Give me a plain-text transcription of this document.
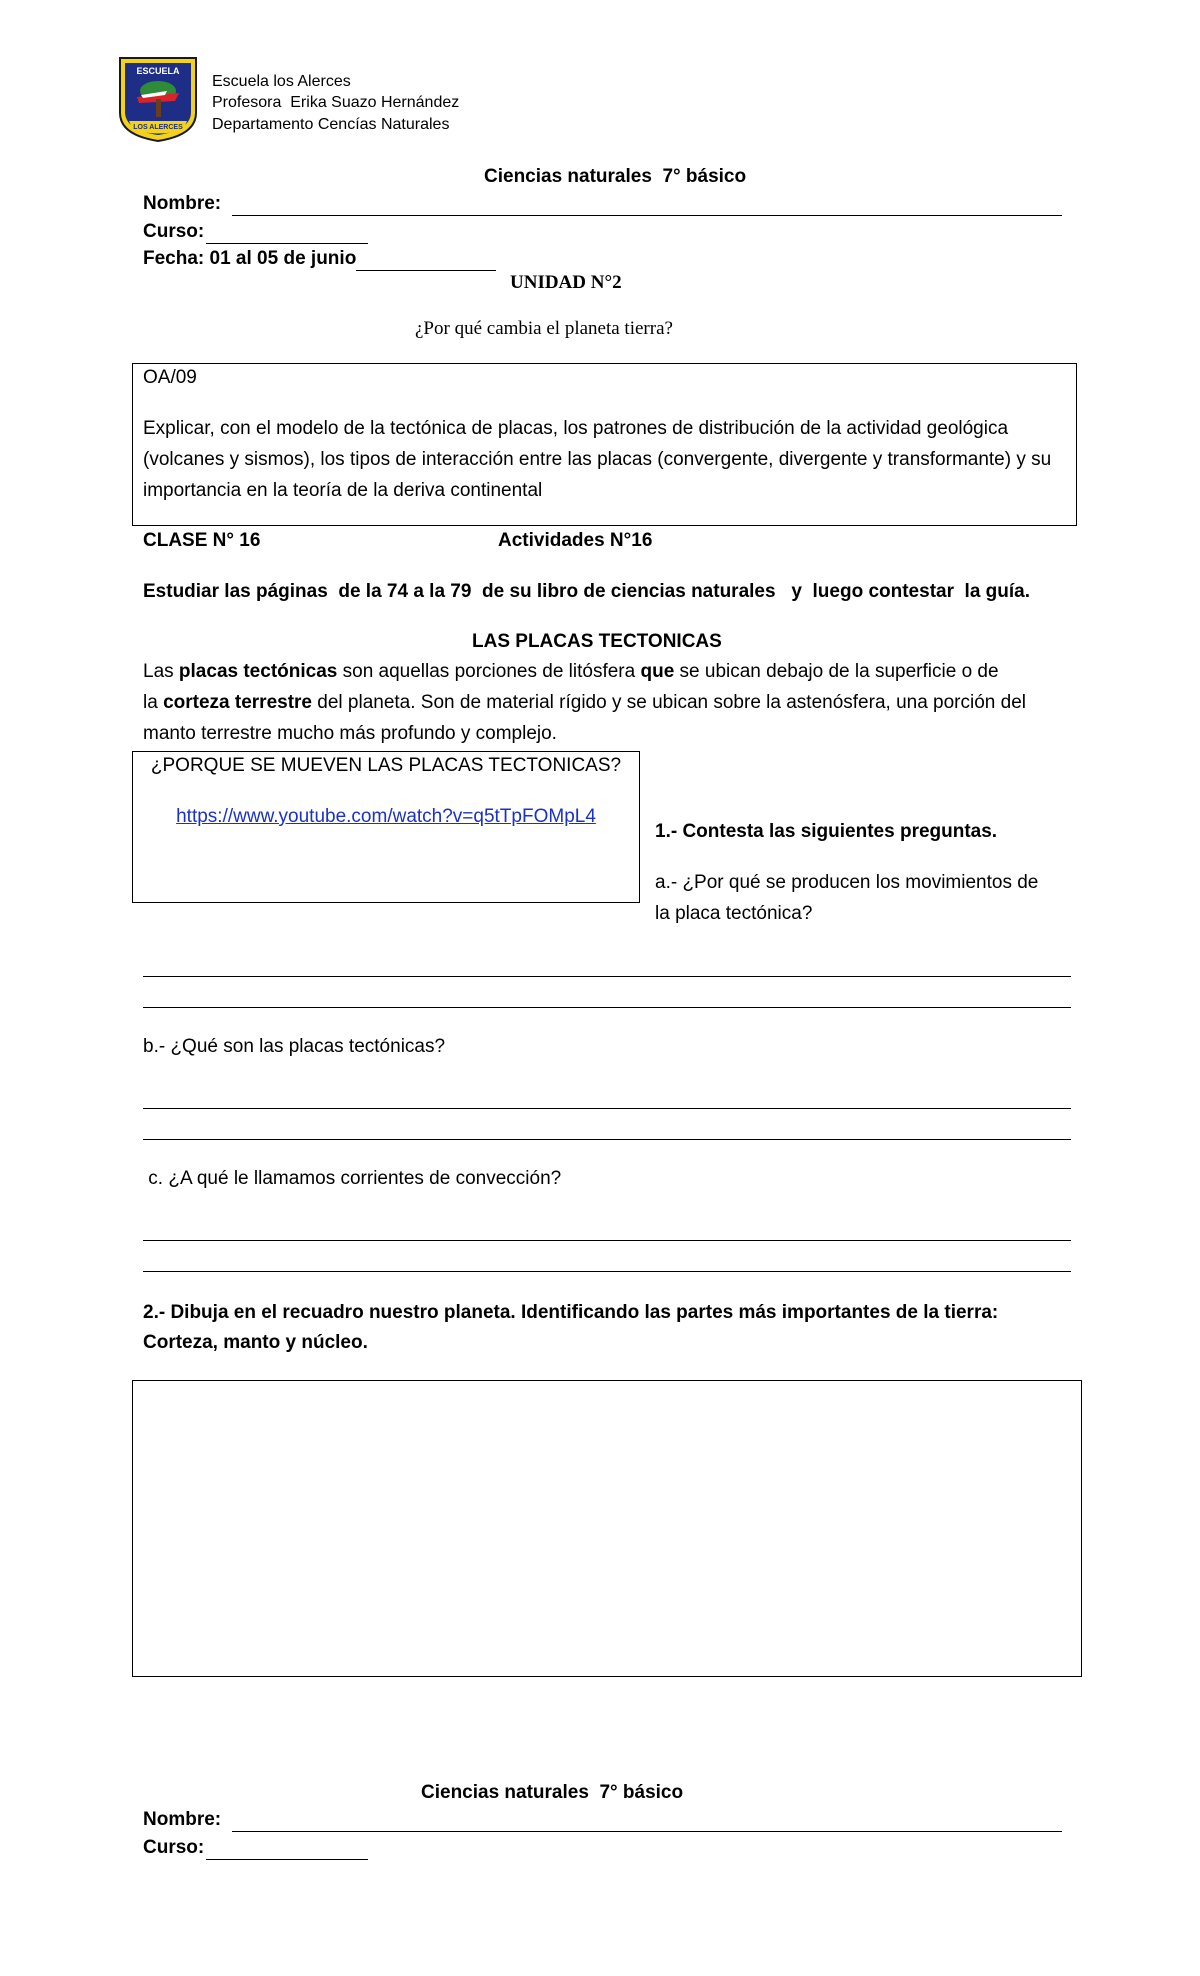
ESCUELA
LOS ALERCES
Escuela los Alerces
Profesora  Erika Suazo Hernández
Departamento Cencías Naturales
Ciencias naturales  7° básico
Nombre:
Curso:
Fecha: 01 al 05 de junio
UNIDAD N°2
¿Por qué cambia el planeta tierra?
OA/09
Explicar, con el modelo de la tectónica de placas, los patrones de distribución de la actividad geológica (volcanes y sismos), los tipos de interacción entre las placas (convergente, divergente y transformante) y su importancia en la teoría de la deriva continental
CLASE N° 16	Actividades N°16
Estudiar las páginas  de la 74 a la 79  de su libro de ciencias naturales   y  luego contestar  la guía.
LAS PLACAS TECTONICAS
Las placas tectónicas son aquellas porciones de litósfera que se ubican debajo de la superficie o de
la corteza terrestre del planeta. Son de material rígido y se ubican sobre la astenósfera, una porción del
manto terrestre mucho más profundo y complejo.
¿PORQUE SE MUEVEN LAS PLACAS TECTONICAS?
https://www.youtube.com/watch?v=q5tTpFOMpL4
1.- Contesta las siguientes preguntas.
a.- ¿Por qué se producen los movimientos de
la placa tectónica?
b.- ¿Qué son las placas tectónicas?
c. ¿A qué le llamamos corrientes de convección?
2.- Dibuja en el recuadro nuestro planeta. Identificando las partes más importantes de la tierra:
Corteza, manto y núcleo.
Ciencias naturales  7° básico
Nombre:
Curso:
